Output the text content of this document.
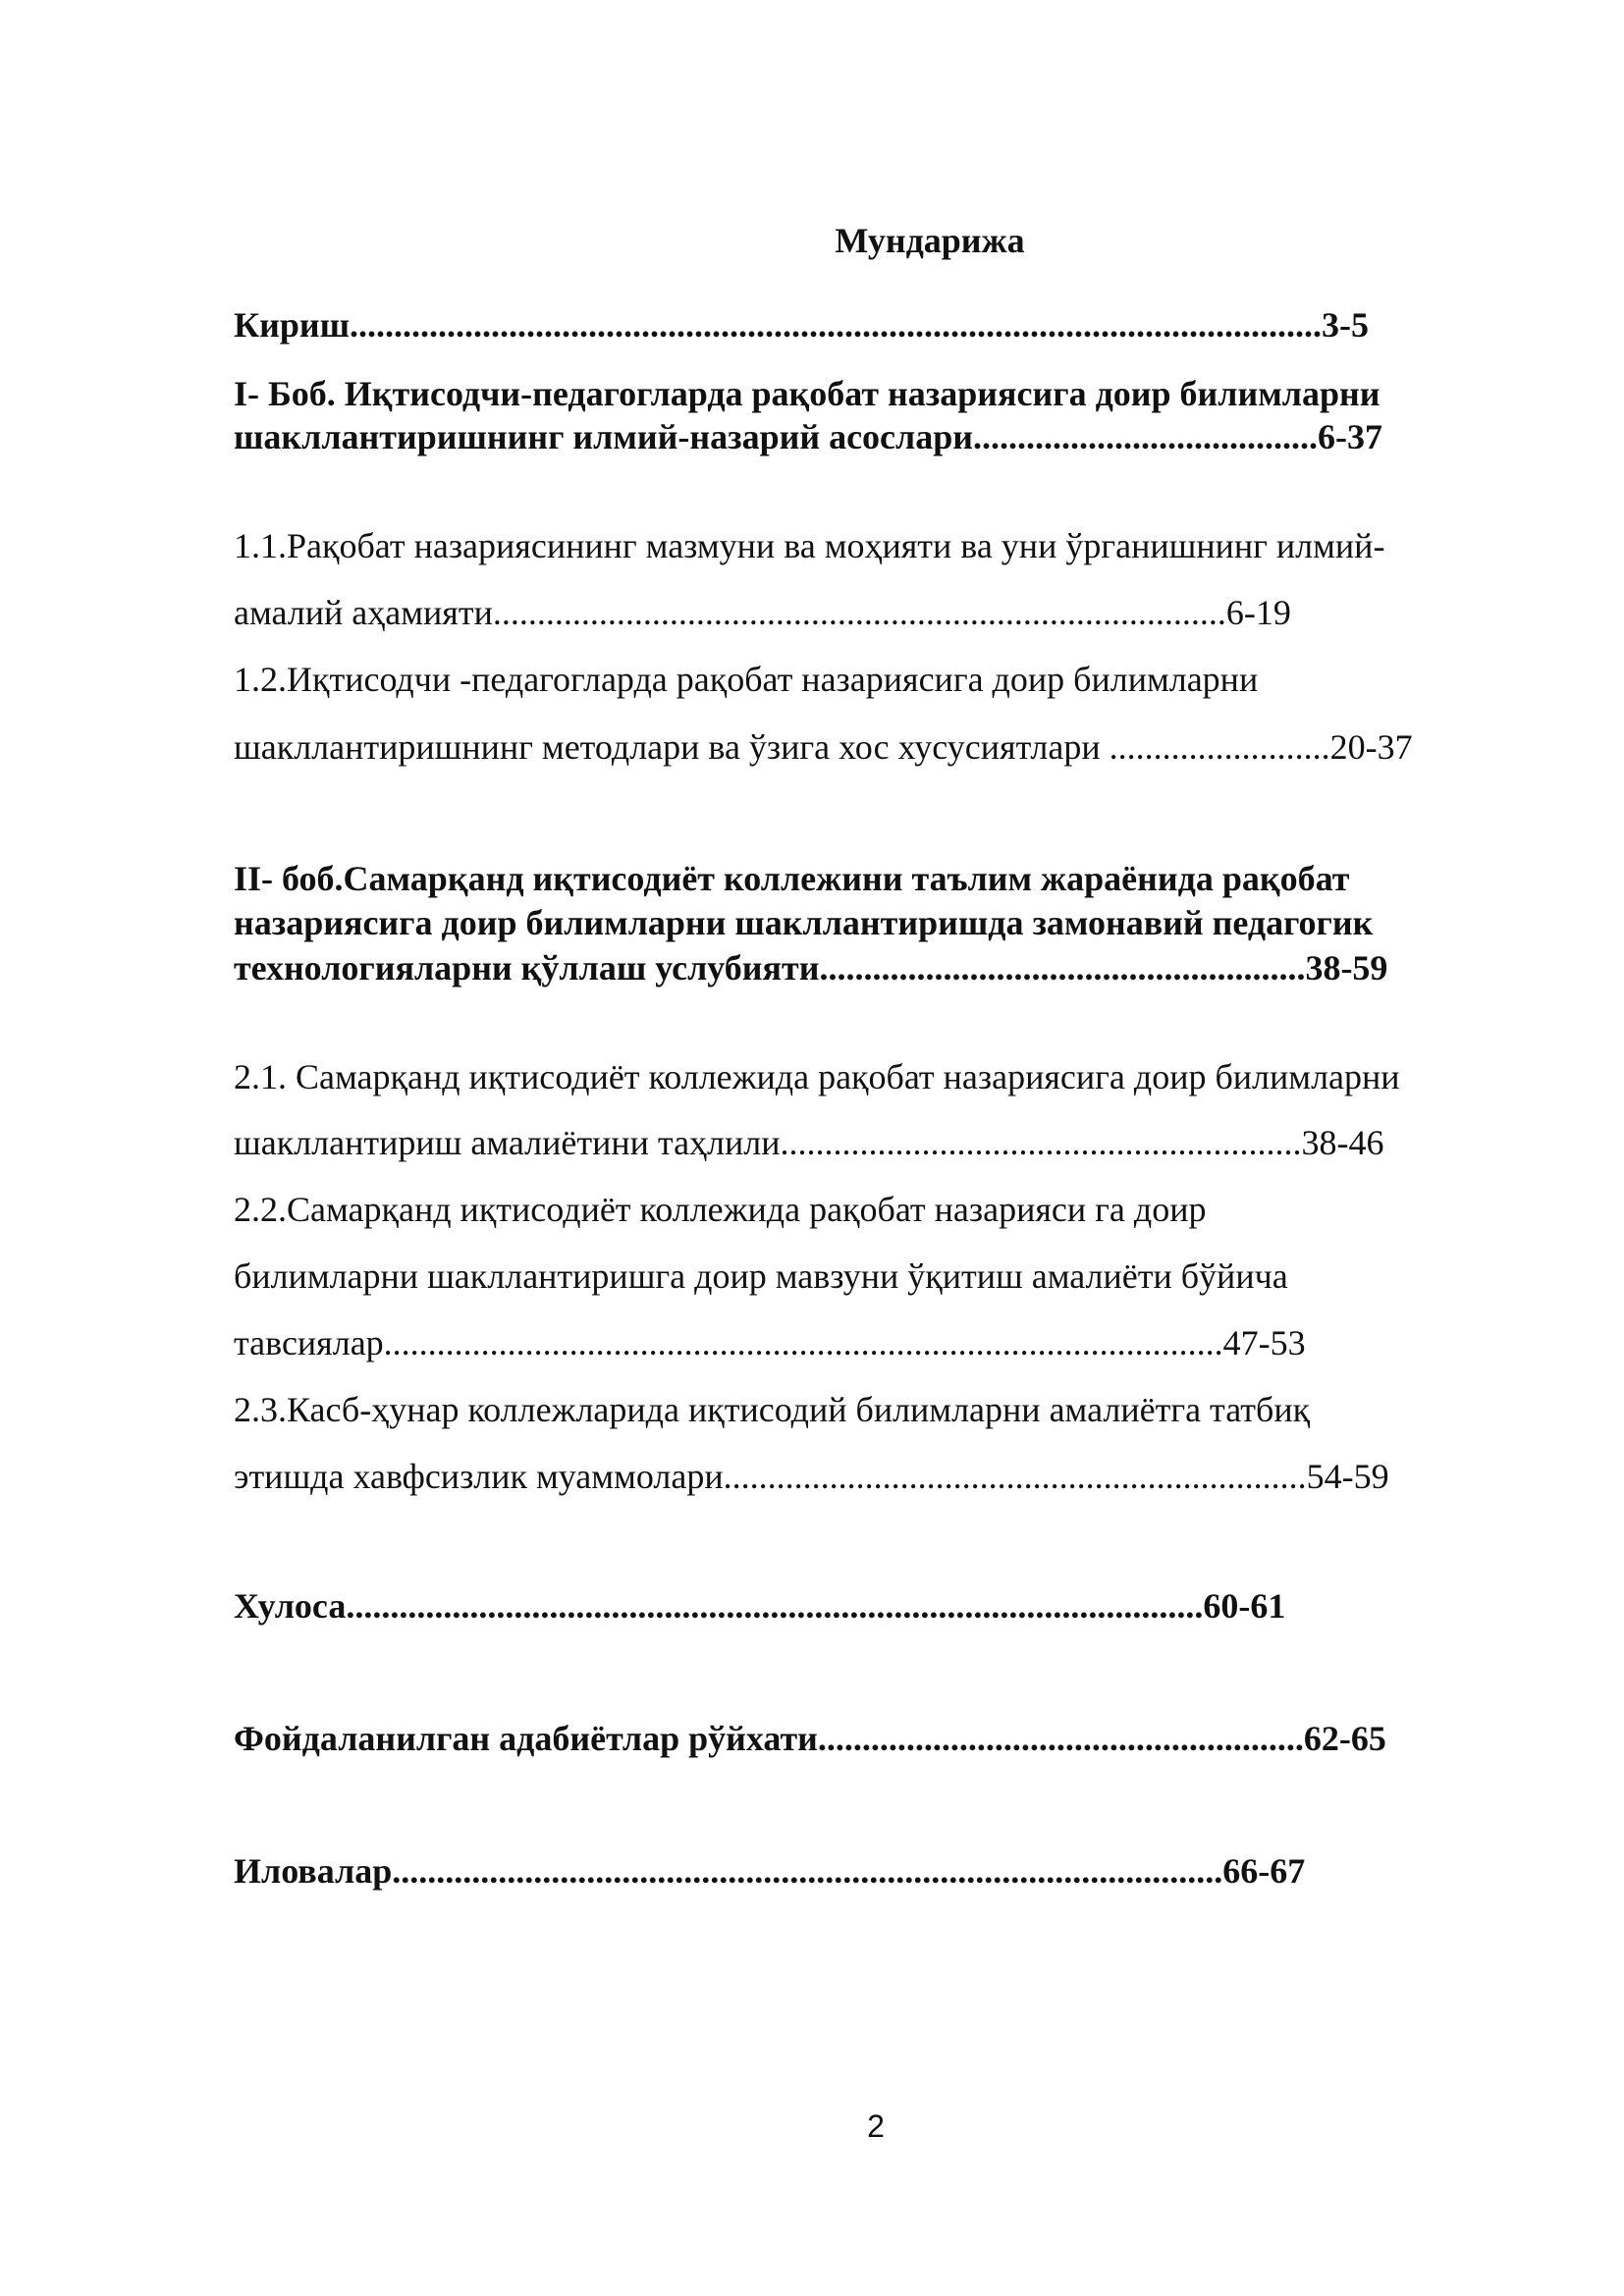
Мундарижа
Кириш..............................................................................................................3-5
I- Боб. Иқтисодчи-педагогларда рақобат назариясига доир билимларни
шакллантиришнинг илмий-назарий асослари.......................................6-37
1.1.Рақобат назариясининг мазмуни ва моҳияти ва уни ўрганишнинг илмий-
амалий аҳамияти...................................................................................6-19
1.2.Иқтисодчи -педагогларда рақобат назариясига доир билимларни
шакллантиришнинг методлари ва ўзига хос хусусиятлари .........................20-37
II- боб.Самарқанд иқтисодиёт коллежини таълим жараёнида рақобат
назариясига доир билимларни шакллантиришда замонавий педагогик
технологияларни қўллаш услубияти.......................................................38-59
2.1. Самарқанд иқтисодиёт коллежида рақобат назариясига доир билимларни
шакллантириш амалиётини таҳлили...........................................................38-46
2.2.Самарқанд иқтисодиёт коллежида рақобат назарияси га доир
билимларни шакллантиришга доир мавзуни ўқитиш амалиёти бўйича
тавсиялар...............................................................................................47-53
2.3.Касб-ҳунар коллежларида иқтисодий билимларни амалиётга татбиқ
этишда хавфсизлик муаммолари..................................................................54-59
Хулоса.................................................................................................60-61
Фойдаланилган адабиётлар рўйхати.......................................................62-65
Иловалар..............................................................................................66-67
2
